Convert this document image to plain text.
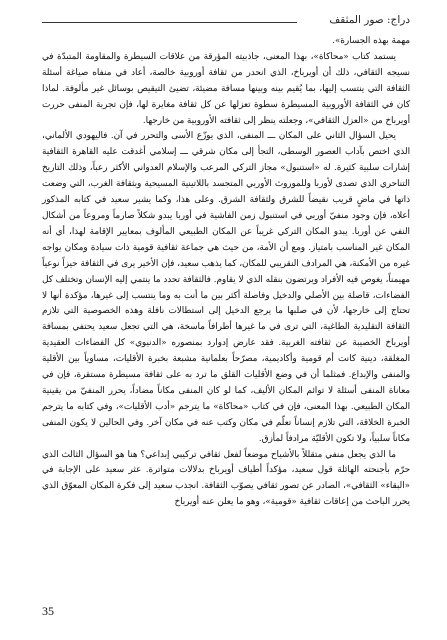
دراج: صور المثقف

مهمة بهذه الجسارة».

يستمد كتاب «محاكاة»، بهذا المعنى، جاذبيته المؤرقة من علاقات السيطرة والمقاومة المتبدّة في نسيجه الثقافي، ذلك أن أويرباخ، الذي انحدر من ثقافة أوروبية خالصة، أعاد في منفاه صياغة أسئلة الثقافة التي ينتسب إليها، بما يُقيم بينه وبينها مسافة مضيئة، تضيئ التيقيص بوسائل غير مألوفة. لماذا كان في الثقافة الأوروبية المسيطرة سطوة تعزلها عن كل ثقافة مغايرة لها، فإن تجربة المنفى حررت أويرباخ من «العزل الثقافي»، وجعلته ينظر إلى ثقافته الأوروبية من خارجها.

يحيل السؤال الثاني على المكان ـــ المنفى، الذي يوزّع الأسى والتحرر في آن. فاليهودي الألماني، الذي اختص بآداب العصور الوسطى، التجأ إلى مكان شرقي ـــ إسلامي أغدقت عليه القاهرة الثقافية إشارات سلبية كثيرة. له «استنبول» مجاز التركي المرعب والإسلام العدواني الأكثر رعباً، وذلك التاريخ التناحري الذي تصدى لأوربا وللموروث الأوربي المتجسد باللاتينية المسيحية وبثقافة الغرب، التي وضعت ذاتها في ماضٍ قريب نقيضاً للشرق ولثقافة الشرق. وعلى هذا، وكما يشير سعيد في كتابه المذكور أعلاه، فإن وجود منفيّ أوربي في استنبول زمن الفاشية في أوربا يبدو شكلاً صارماً ومروعاً من أشكال النفي عن أوربا. يبدو المكان التركي غريباً عن المكان الطبيعي المألوف بمعايير الإقامة لهذا، أي أنه المكان غير المناسب بامتياز. ومع أن الأمة، من حيث هي جماعة ثقافية قومية ذات سيادة ومكان يواجه غيره من الأمكنة، هي المرادف النقريبي للمكان، كما يذهب سعيد، فإن الأخير يرى في الثقافة حيزاً نوعياً مهيمناً، يغوص فيه الأفراد ويرتضون بنقله الذي لا يقاوم. فالثقافة تحدد ما ينتمي إليه الإنسان وتختلف كل الفضاءات، قاصلة بين الأصلي والدخيل وفاصلة أكثر بين ما أنت به وما ينتسب إلى غيرها، مؤكدة أنها لا تحتاج إلى خارجها، لأن في صلبها ما يرجع الدخيل إلى استطالات نافلة وهذه الخصوصية التي تلازم الثقافة التقليدية الطاغية، التي ترى في ما غيرها أطرافاً ماسخة، هي التي تجعل سعيد يحتفي بمسافة أويرباخ الخصيبة عن ثقافته الغربية. فقد عارض إدوارد بمنصوره «الدنيوي» كل الفضاءات العقيدية المغلقة، دينية كانت أم قومية وأكاديمية، مصرّحاً بعلمانية مشبعة بخبرة الأقليات، مساوياً بين الأقلية والمنفى والإبداع. فمثلما أن في وضع الأقليات القلق ما ترد به على ثقافة مسيطرة مستقرة، فإن في معاناة المنفى أسئلة لا توائم المكان الأليف، كما لو كان المنفى مكاناً مضاداً، يحرر المنفيّ من يقينية المكان الطبيعي. بهذا المعنى، فإن في كتاب «محاكاة» ما يترجم «أدب الأقليات»، وفي كتابه ما يترجم الخبرة الخلاقة، التي تلازم إنساناً تعلّم في مكان وكتب عنه في مكان آخر. وفي الحالين لا يكون المنفى مكاناً سلبياً، ولا تكون الأقليّة مرادفاً لمأزق.

ما الذي يجعل منفي متقللاً بالأشياح موضعاً لفعل ثقافي تركيبي إبداعي؟ هنا هو السؤال الثالث الذي حرّم بأجنحته الهائلة قول سعيد، مؤكداً أطياف أويرباخ بدلالات متواترة. عثر سعيد على الإجابة في «البقاء» الثقافي»، الصادر عن تصور ثقافي يصوّب الثقافة. انجذب سعيد إلى فكرة المكان المعوّق الذي يحرر الباحث من إعاقات ثقافية «قومية»، وهو ما يعلن عنه أويرباخ

35
